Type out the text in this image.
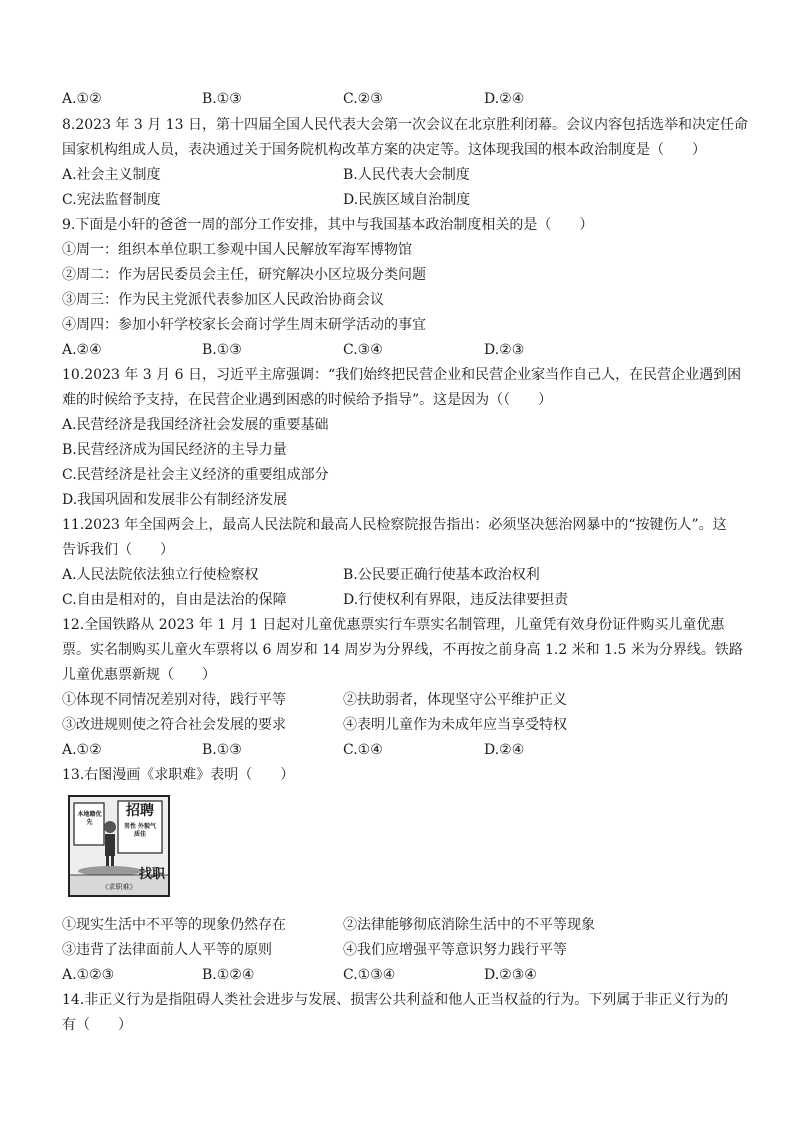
A.①②	B.①③	C.②③	D.②④
8.2023 年 3 月 13 日，第十四届全国人民代表大会第一次会议在北京胜利闭幕。会议内容包括选举和决定任命
国家机构组成人员，表决通过关于国务院机构改革方案的决定等。这体现我国的根本政治制度是（　　）
A.社会主义制度	B.人民代表大会制度
C.宪法监督制度	D.民族区域自治制度
9.下面是小轩的爸爸一周的部分工作安排，其中与我国基本政治制度相关的是（　　）
①周一：组织本单位职工参观中国人民解放军海军博物馆
②周二：作为居民委员会主任，研究解决小区垃圾分类问题
③周三：作为民主党派代表参加区人民政治协商会议
④周四：参加小轩学校家长会商讨学生周末研学活动的事宜
A.②④	B.①③	C.③④	D.②③
10.2023 年 3 月 6 日，习近平主席强调：“我们始终把民营企业和民营企业家当作自己人，在民营企业遇到困
难的时候给予支持，在民营企业遇到困惑的时候给予指导”。这是因为（（　　）
A.民营经济是我国经济社会发展的重要基础
B.民营经济成为国民经济的主导力量
C.民营经济是社会主义经济的重要组成部分
D.我国巩固和发展非公有制经济发展
11.2023 年全国两会上，最高人民法院和最高人民检察院报告指出：必须坚决惩治网暴中的“按键伤人”。这
告诉我们（　　）
A.人民法院依法独立行使检察权	B.公民要正确行使基本政治权利
C.自由是相对的，自由是法治的保障	D.行使权利有界限，违反法律要担责
12.全国铁路从 2023 年 1 月 1 日起对儿童优惠票实行车票实名制管理，儿童凭有效身份证件购买儿童优惠
票。实名制购买儿童火车票将以 6 周岁和 14 周岁为分界线，不再按之前身高 1.2 米和 1.5 米为分界线。铁路
儿童优惠票新规（　　）
①体现不同情况差别对待，践行平等	②扶助弱者，体现坚守公平维护正义
③改进规则使之符合社会发展的要求	④表明儿童作为未成年应当享受特权
A.①②	B.①③	C.①④	D.②④
13.右图漫画《求职难》表明（　　）
本地籍优先
招聘
男性 外貌气质佳
找职
《求职难》
①现实生活中不平等的现象仍然存在	②法律能够彻底消除生活中的不平等现象
③违背了法律面前人人平等的原则	④我们应增强平等意识努力践行平等
A.①②③	B.①②④	C.①③④	D.②③④
14.非正义行为是指阻碍人类社会进步与发展、损害公共利益和他人正当权益的行为。下列属于非正义行为的
有（　　）
